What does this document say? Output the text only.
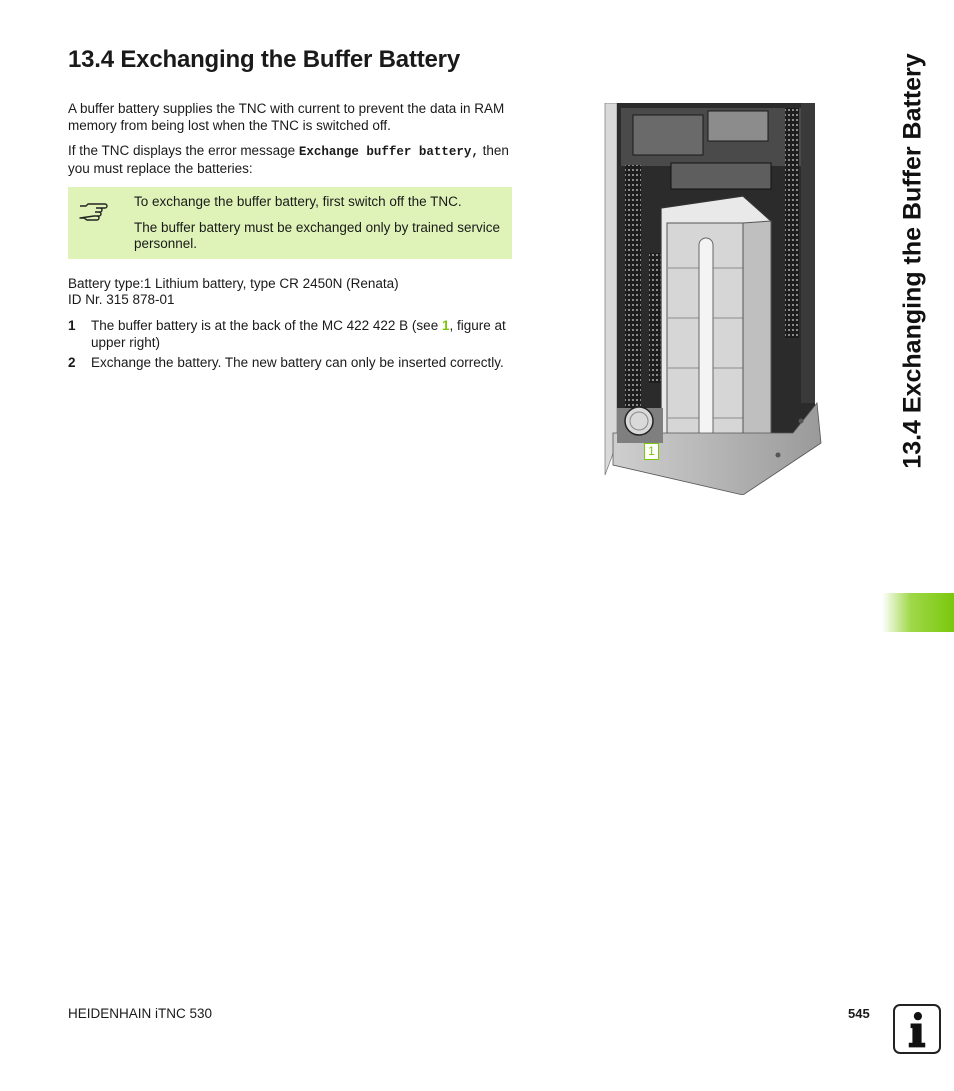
13.4 Exchanging the Buffer Battery

A buffer battery supplies the TNC with current to prevent the data in RAM memory from being lost when the TNC is switched off.

If the TNC displays the error message Exchange buffer battery, then you must replace the batteries:

To exchange the buffer battery, first switch off the TNC.

The buffer battery must be exchanged only by trained service personnel.

Battery type:1 Lithium battery, type CR 2450N (Renata)

ID Nr. 315 878-01

1 The buffer battery is at the back of the MC 422 422 B (see 1, figure at upper right)
2 Exchange the battery. The new battery can only be inserted correctly.
1	13.4 Exchanging the Buffer Battery
HEIDENHAIN iTNC 530	545
